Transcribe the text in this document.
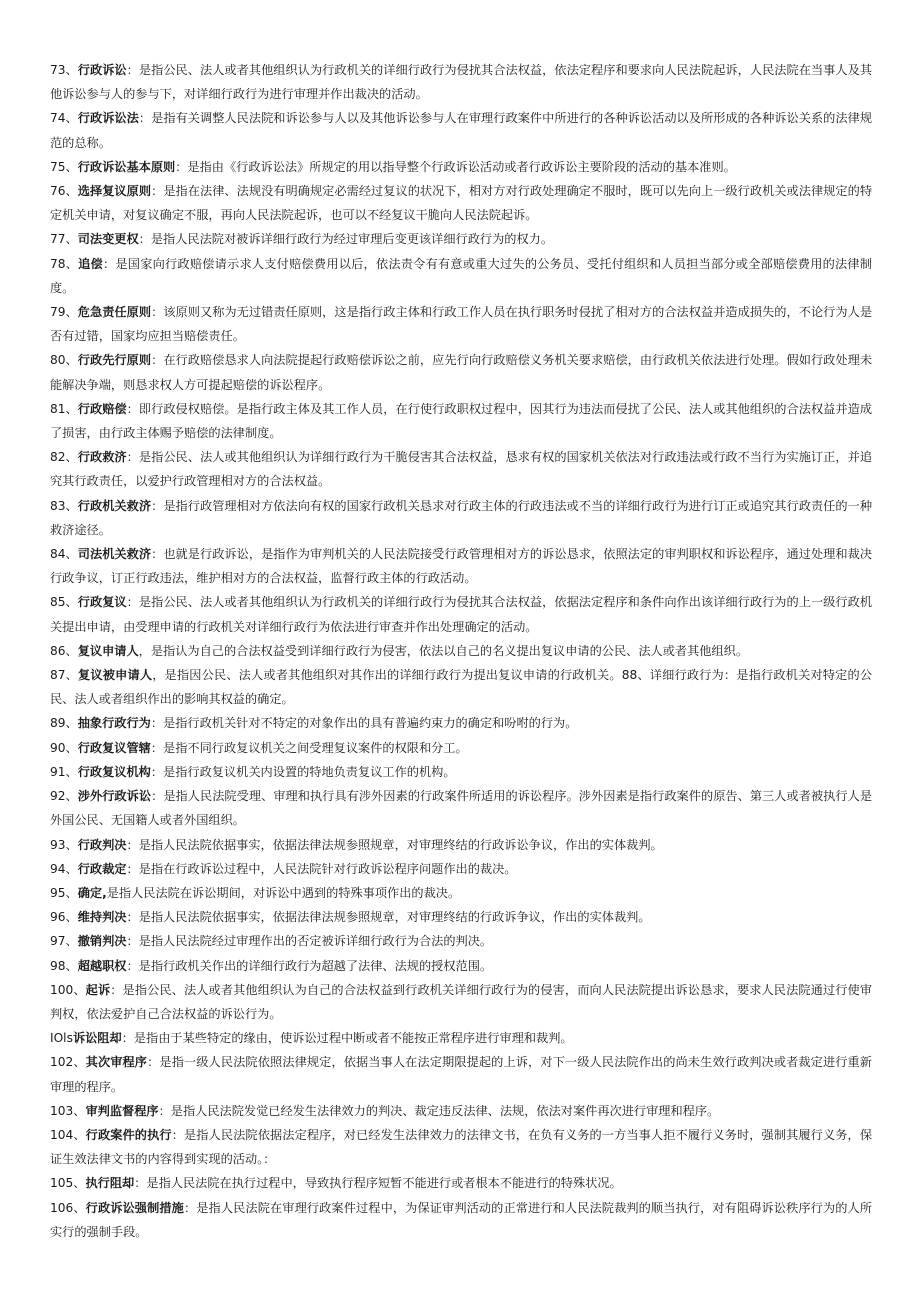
73、行政诉讼：是指公民、法人或者其他组织认为行政机关的详细行政行为侵扰其合法权益，依法定程序和要求向人民法院起诉，人民法院在当事人及其他诉讼参与人的参与下，对详细行政行为进行审理并作出裁决的活动。

74、行政诉讼法：是指有关调整人民法院和诉讼参与人以及其他诉讼参与人在审理行政案件中所进行的各种诉讼活动以及所形成的各种诉讼关系的法律规范的总称。

75、行政诉讼基本原则：是指由《行政诉讼法》所规定的用以指导整个行政诉讼活动或者行政诉讼主要阶段的活动的基本准则。

76、选择复议原则：是指在法律、法规没有明确规定必需经过复议的状况下，相对方对行政处理确定不服时，既可以先向上一级行政机关或法律规定的特定机关申请，对复议确定不服，再向人民法院起诉，也可以不经复议干脆向人民法院起诉。

77、司法变更权：是指人民法院对被诉详细行政行为经过审理后变更该详细行政行为的权力。

78、追偿：是国家向行政赔偿请示求人支付赔偿费用以后，依法责令有有意或重大过失的公务员、受托付组织和人员担当部分或全部赔偿费用的法律制度。

79、危急责任原则：该原则又称为无过错责任原则，这是指行政主体和行政工作人员在执行职务时侵扰了相对方的合法权益并造成损失的，不论行为人是否有过错，国家均应担当赔偿责任。

80、行政先行原则：在行政赔偿恳求人向法院提起行政赔偿诉讼之前，应先行向行政赔偿义务机关要求赔偿，由行政机关依法进行处理。假如行政处理未能解决争端，则恳求权人方可提起赔偿的诉讼程序。

81、行政赔偿：即行政侵权赔偿。是指行政主体及其工作人员，在行使行政职权过程中，因其行为违法而侵扰了公民、法人或其他组织的合法权益并造成了损害，由行政主体赐予赔偿的法律制度。

82、行政救济：是指公民、法人或其他组织认为详细行政行为干脆侵害其合法权益，恳求有权的国家机关依法对行政违法或行政不当行为实施订正，并追究其行政责任，以爱护行政管理相对方的合法权益。

83、行政机关救济：是指行政管理相对方依法向有权的国家行政机关恳求对行政主体的行政违法或不当的详细行政行为进行订正或追究其行政责任的一种救济途径。

84、司法机关救济：也就是行政诉讼，是指作为审判机关的人民法院接受行政管理相对方的诉讼恳求，依照法定的审判职权和诉讼程序，通过处理和裁决行政争议，订正行政违法，维护相对方的合法权益，监督行政主体的行政活动。

85、行政复议：是指公民、法人或者其他组织认为行政机关的详细行政行为侵扰其合法权益，依据法定程序和条件向作出该详细行政行为的上一级行政机关提出申请，由受理申请的行政机关对详细行政行为依法进行审查并作出处理确定的活动。

86、复议申请人，是指认为自己的合法权益受到详细行政行为侵害，依法以自己的名义提出复议申请的公民、法人或者其他组织。

87、复议被申请人，是指因公民、法人或者其他组织对其作出的详细行政行为提出复议申请的行政机关。88、详细行政行为：是指行政机关对特定的公民、法人或者组织作出的影响其权益的确定。

89、抽象行政行为：是指行政机关针对不特定的对象作出的具有普遍约束力的确定和吩咐的行为。

90、行政复议管辖：是指不同行政复议机关之间受理复议案件的权限和分工。

91、行政复议机构：是指行政复议机关内设置的特地负责复议工作的机构。

92、涉外行政诉讼：是指人民法院受理、审理和执行具有涉外因素的行政案件所适用的诉讼程序。涉外因素是指行政案件的原告、第三人或者被执行人是外国公民、无国籍人或者外国组织。

93、行政判决：是指人民法院依据事实，依据法律法规参照规章，对审理终结的行政诉讼争议，作出的实体裁判。

94、行政裁定：是指在行政诉讼过程中，人民法院针对行政诉讼程序问题作出的裁决。

95、确定,是指人民法院在诉讼期间，对诉讼中遇到的特殊事项作出的裁决。

96、维持判决：是指人民法院依据事实，依据法律法规参照规章，对审理终结的行政诉争议，作出的实体裁判。

97、撤销判决：是指人民法院经过审理作出的否定被诉详细行政行为合法的判决。

98、超越职权：是指行政机关作出的详细行政行为超越了法律、法规的授权范围。

100、起诉：是指公民、法人或者其他组织认为自己的合法权益到行政机关详细行政行为的侵害，而向人民法院提出诉讼恳求，要求人民法院通过行使审判权，依法爱护自己合法权益的诉讼行为。

IOls诉讼阻却：是指由于某些特定的缘由，使诉讼过程中断或者不能按正常程序进行审理和裁判。

102、其次审程序：是指一级人民法院依照法律规定，依据当事人在法定期限提起的上诉，对下一级人民法院作出的尚未生效行政判决或者裁定进行重新审理的程序。

103、审判监督程序：是指人民法院发觉已经发生法律效力的判决、裁定违反法律、法规，依法对案件再次进行审理和程序。

104、行政案件的执行：是指人民法院依据法定程序，对已经发生法律效力的法律文书，在负有义务的一方当事人拒不履行义务时，强制其履行义务，保证生效法律文书的内容得到实现的活动。：

105、执行阻却：是指人民法院在执行过程中，导致执行程序短暂不能进行或者根本不能进行的特殊状况。

106、行政诉讼强制措施：是指人民法院在审理行政案件过程中，为保证审判活动的正常进行和人民法院裁判的顺当执行，对有阻碍诉讼秩序行为的人所实行的强制手段。
